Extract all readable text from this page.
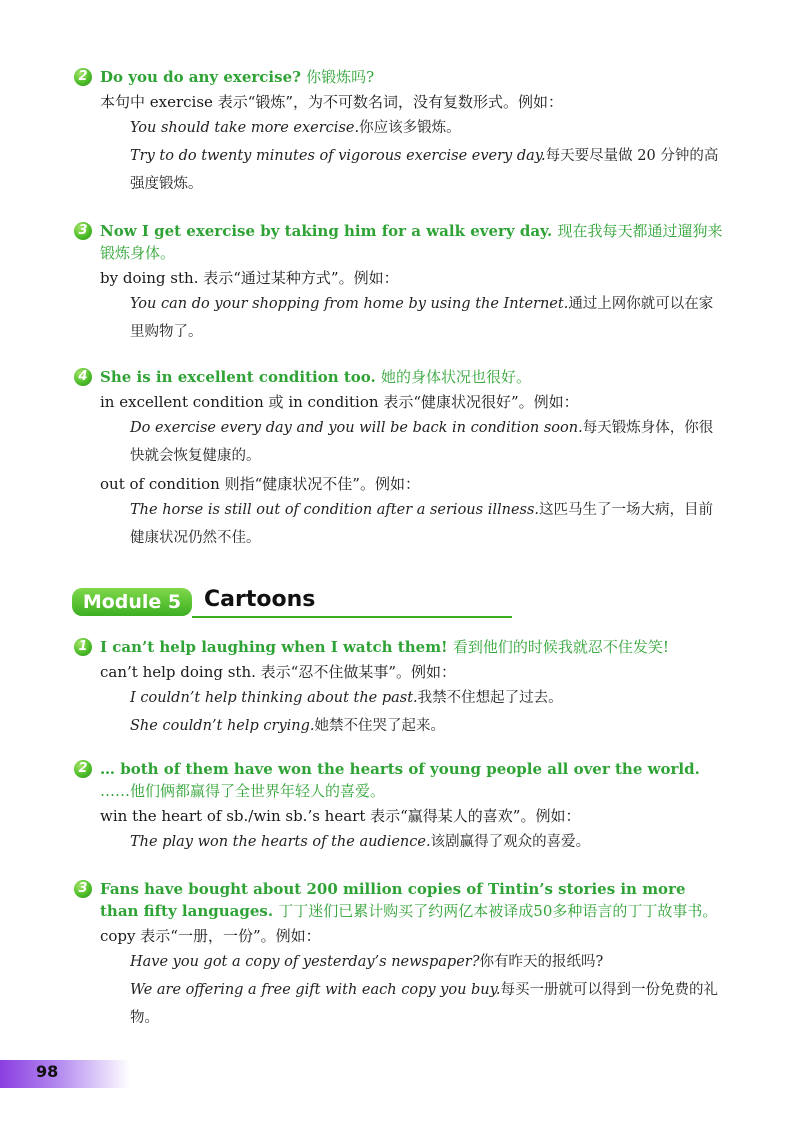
2 Do you do any exercise? 你锻炼吗?
本句中 exercise 表示“锻炼”，为不可数名词，没有复数形式。例如：
You should take more exercise.你应该多锻炼。
Try to do twenty minutes of vigorous exercise every day.每天要尽量做 20 分钟的高强度锻炼。
3 Now I get exercise by taking him for a walk every day. 现在我每天都通过遛狗来锻炼身体。
by doing sth. 表示“通过某种方式”。例如：
You can do your shopping from home by using the Internet.通过上网你就可以在家里购物了。
4 She is in excellent condition too. 她的身体状况也很好。
in excellent condition 或 in condition 表示“健康状况很好”。例如：
Do exercise every day and you will be back in condition soon.每天锻炼身体，你很快就会恢复健康的。
out of condition 则指“健康状况不佳”。例如：
The horse is still out of condition after a serious illness.这匹马生了一场大病，目前健康状况仍然不佳。
Module 5	Cartoons
1 I can’t help laughing when I watch them! 看到他们的时候我就忍不住发笑!
can’t help doing sth. 表示“忍不住做某事”。例如：
I couldn’t help thinking about the past.我禁不住想起了过去。
She couldn’t help crying.她禁不住哭了起来。
2 … both of them have won the hearts of young people all over the world. ……他们俩都赢得了全世界年轻人的喜爱。
win the heart of sb./win sb.’s heart 表示“赢得某人的喜欢”。例如：
The play won the hearts of the audience.该剧赢得了观众的喜爱。
3 Fans have bought about 200 million copies of Tintin’s stories in more than fifty languages. 丁丁迷们已累计购买了约两亿本被译成50多种语言的丁丁故事书。
copy 表示“一册，一份”。例如：
Have you got a copy of yesterday’s newspaper?你有昨天的报纸吗?
We are offering a free gift with each copy you buy.每买一册就可以得到一份免费的礼物。
98
